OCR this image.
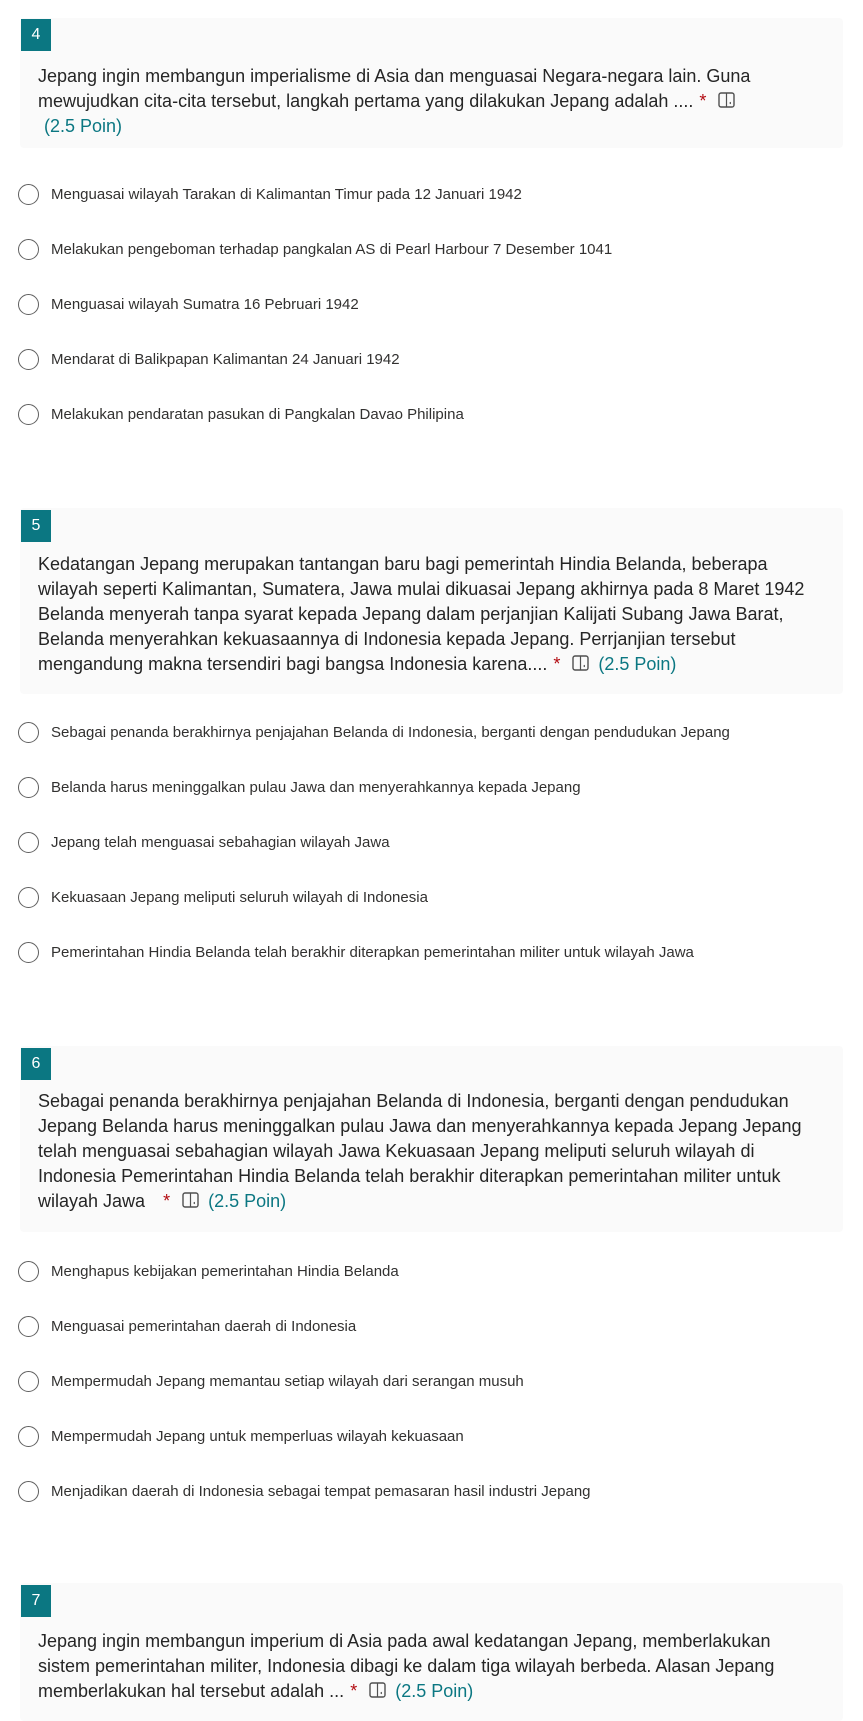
4
Jepang ingin membangun imperialisme di Asia dan menguasai Negara-negara lain. Guna mewujudkan cita-cita tersebut, langkah pertama yang dilakukan Jepang adalah .... *

(2.5 Poin)
Menguasai wilayah Tarakan di Kalimantan Timur pada 12 Januari 1942
Melakukan pengeboman terhadap pangkalan AS di Pearl Harbour 7 Desember 1041
Menguasai wilayah Sumatra 16 Pebruari 1942
Mendarat di Balikpapan Kalimantan 24 Januari 1942
Melakukan pendaratan pasukan di Pangkalan Davao Philipina
5
Kedatangan Jepang merupakan tantangan baru bagi pemerintah Hindia Belanda, beberapa wilayah seperti Kalimantan, Sumatera, Jawa mulai dikuasai Jepang akhirnya pada 8 Maret 1942 Belanda menyerah tanpa syarat kepada Jepang dalam perjanjian Kalijati Subang Jawa Barat, Belanda menyerahkan kekuasaannya di Indonesia kepada Jepang. Perrjanjian tersebut mengandung makna tersendiri bagi bangsa Indonesia karena.... * (2.5 Poin)
Sebagai penanda berakhirnya penjajahan Belanda di Indonesia, berganti dengan pendudukan Jepang
Belanda harus meninggalkan pulau Jawa dan menyerahkannya kepada Jepang
Jepang telah menguasai sebahagian wilayah Jawa
Kekuasaan Jepang meliputi seluruh wilayah di Indonesia
Pemerintahan Hindia Belanda telah berakhir diterapkan pemerintahan militer untuk wilayah Jawa
6
Sebagai penanda berakhirnya penjajahan Belanda di Indonesia, berganti dengan pendudukan Jepang Belanda harus meninggalkan pulau Jawa dan menyerahkannya kepada Jepang Jepang telah menguasai sebahagian wilayah Jawa Kekuasaan Jepang meliputi seluruh wilayah di Indonesia Pemerintahan Hindia Belanda telah berakhir diterapkan pemerintahan militer untuk wilayah Jawa * (2.5 Poin)
Menghapus kebijakan pemerintahan Hindia Belanda
Menguasai pemerintahan daerah di Indonesia
Mempermudah Jepang memantau setiap wilayah dari serangan musuh
Mempermudah Jepang untuk memperluas wilayah kekuasaan
Menjadikan daerah di Indonesia sebagai tempat pemasaran hasil industri Jepang
7
Jepang ingin membangun imperium di Asia pada awal kedatangan Jepang, memberlakukan sistem pemerintahan militer, Indonesia dibagi ke dalam tiga wilayah berbeda. Alasan Jepang memberlakukan hal tersebut adalah ... * (2.5 Poin)
